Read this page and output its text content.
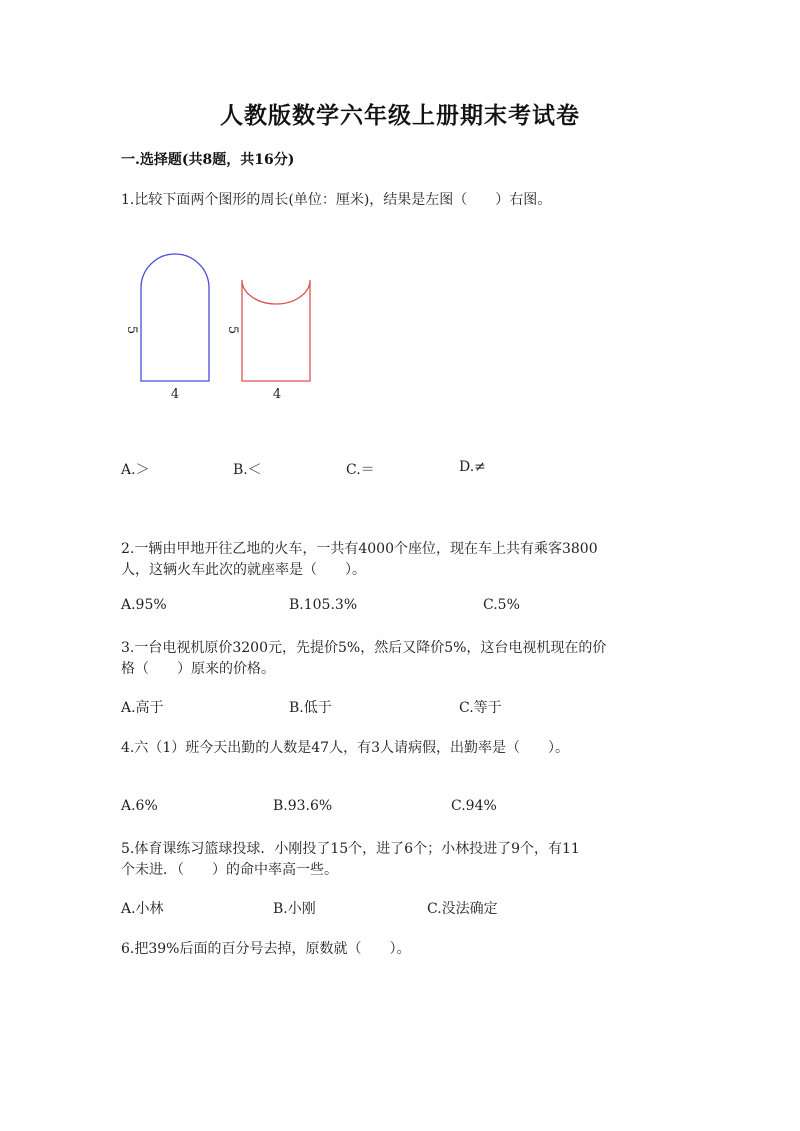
人教版数学六年级上册期末考试卷
一.选择题(共8题，共16分)
1.比较下面两个图形的周长(单位：厘米)，结果是左图（　　）右图。
5
4
5
4
A.＞	B.＜	C.＝	D.≠
2.一辆由甲地开往乙地的火车，一共有4000个座位，现在车上共有乘客3800
人，这辆火车此次的就座率是（　　）。
A.95%	B.105.3%	C.5%
3.一台电视机原价3200元，先提价5%，然后又降价5%，这台电视机现在的价
格（　　）原来的价格。
A.高于	B.低于	C.等于
4.六（1）班今天出勤的人数是47人，有3人请病假，出勤率是（　　）。
A.6%	B.93.6%	C.94%
5.体育课练习篮球投球．小刚投了15个，进了6个；小林投进了9个，有11
个未进．（　　）的命中率高一些。
A.小林	B.小刚	C.没法确定
6.把39%后面的百分号去掉，原数就（　　）。
